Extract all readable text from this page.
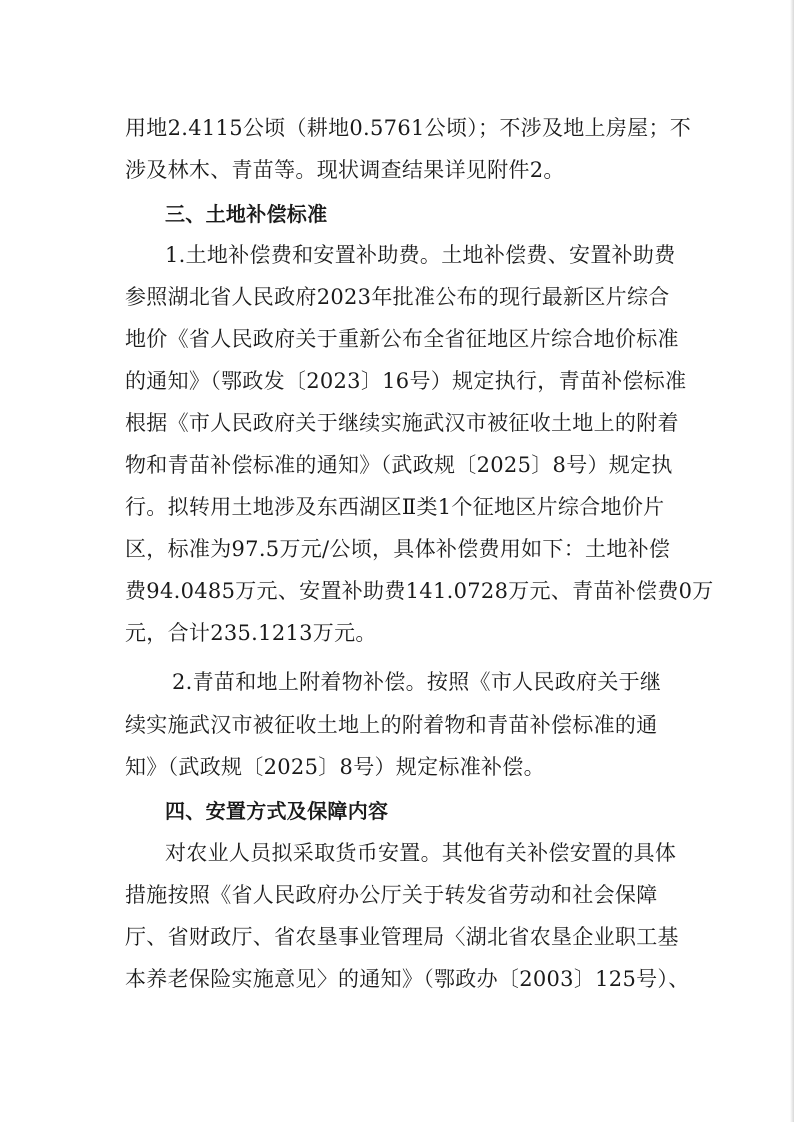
用地2.4115公顷（耕地0.5761公顷）；不涉及地上房屋；不
涉及林木、青苗等。现状调查结果详见附件2。
三、土地补偿标准
1.土地补偿费和安置补助费。土地补偿费、安置补助费
参照湖北省人民政府2023年批准公布的现行最新区片综合
地价《省人民政府关于重新公布全省征地区片综合地价标准
的通知》（鄂政发〔2023〕16号）规定执行，青苗补偿标准
根据《市人民政府关于继续实施武汉市被征收土地上的附着
物和青苗补偿标准的通知》（武政规〔2025〕8号）规定执
行。拟转用土地涉及东西湖区Ⅱ类1个征地区片综合地价片
区，标准为97.5万元/公顷，具体补偿费用如下：土地补偿
费94.0485万元、安置补助费141.0728万元、青苗补偿费0万
元，合计235.1213万元。
2.青苗和地上附着物补偿。按照《市人民政府关于继
续实施武汉市被征收土地上的附着物和青苗补偿标准的通
知》（武政规〔2025〕8号）规定标准补偿。
四、安置方式及保障内容
对农业人员拟采取货币安置。其他有关补偿安置的具体
措施按照《省人民政府办公厅关于转发省劳动和社会保障
厅、省财政厅、省农垦事业管理局〈湖北省农垦企业职工基
本养老保险实施意见〉的通知》（鄂政办〔2003〕125号）、
